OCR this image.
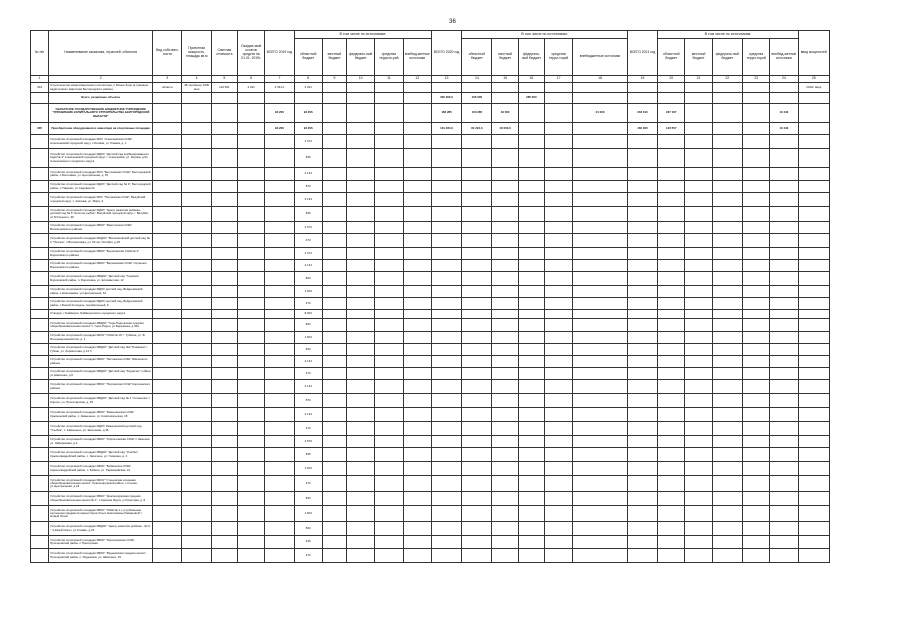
36
№ п/п	Наименование заказчика, отраслей, объектов	Вид собствен-ности	Проектная мощность, площадь кв.м	Сметная стоимость	Ожидае-мый остаток средств на 01.01. 2019г.	ВСЕГО 2019 год	В том числе по источникам:					ВСЕГО 2020 год	В том числе по источникам:					ВСЕГО 2021 год	В том числе по источникам:					ввод мощностей
							областной бюджет	местный бюджет	федераль-ный бюджет	средства террито-рий	внебюд-жетные источники		областной бюджет	местный бюджет	федераль-ный бюджет	средства терри-торий	внебюджетные источники		областной бюджет	местный бюджет	федераль-ный бюджет	средства терри-торий	внебюд-жетные источники	
1	2	3	4	5	6	7	8	9	10	11	12	13	14	15	16	17	18	19	20	21	22	23	24	25
334	Строительство канализационного коллектора, п.Ясные Зори (в границах кадастрового квартала) Белгородского района	областн	48 чел/смену 1630 кв.м	122 601	4 331	4 331,0	4 331																	2019г. ввод
	Всего, резервные объекты											300 000,0	195 000		285 000									
	ОБЛАСТНОЕ ГОСУДАРСТВЕННОЕ БЮДЖЕТНОЕ УЧРЕЖДЕНИЕ "УПРАВЛЕНИЕ КАПИТАЛЬНОГО СТРОИТЕЛЬСТВА БЕЛГОРОДСКОЙ ОБЛАСТИ"					93 206	93 206					166 285	103 285	43 000			21 000	203 610	237 167				13 443	
335	Приобретение оборудования и инвентаря на спортивные площадки					93 206	93 206					131 224,0	81 224,0	40 000,0				160 000	146 557				13 443	
	Устройство спортивной площадки МОУ "Алексеевская СОШ", Алексеевский городской округ, с.Иловка, ул. Раевка, д. 1						2 673																	
	Устройство спортивной площадки МДОУ "Детский сад комбинированного вида № 3" Алексеевский городской округ, г. Алексеевка, ул. Кирова, д.61 Алексеевского городского округа						836																	
	Устройство спортивной площадки МОУ "Бехтеевская СОШ", Белгородский район, с.Бехтеевка, ул. Центральная, д. 15						4 134																	
	Устройство спортивной площадки МДОУ "Детский сад № 9", Белгородский район, п.Таврово, ул.Садовая,24						873																	
	Устройство спортивной площадки МОУ "Песчанская СОШ", Валуйский городской округ, с. Казинка, ул. Мира, 3						4 133																	
	Устройство спортивной площадки МДОУ "Центр развития ребёнка - детский сад № 9 "Золотая рыбка", Валуйский городской округ, г. Валуйки, ул.М.Горького, 39						836																	
	Устройство спортивной площадки МБОУ "Ракитянская СОШ" Волоконовского района						2 673																	
	Устройство спортивной площадки МАДОУ "Волоконовский детский сад № 1 "Пчёлка", п.Волоконовка, ул. 60 лет Октября, д.25						470																	
	Устройство спортивной площадки МБОУ "Борисовская СОШ № 4" Борисовского района						2 673																	
	Устройство спортивной площадки МБОУ "Березовская СОШ" с.Красное Борисовского района						4 134																	
	Устройство спортивной площадки МБДОУ "Детский сад "Теремок", Борисовский район, п. Борисовка, ул. Елизаветова, 12						820																	
	Устройство спортивной площадки МДОУ детский сад, Вейделевский район, с.Николаевка, ул.Центральная, 61						1 603																	
	Устройство спортивной площадки МДОУ детский сад, Вейделевский район, с.Белый Колодезь, пер.Школьный, 6						470																	
	Отводов, г.Грайворон Грайворонского городского округа						8 003																	
	Устройство спортивной площадки МБДОУ "Гора-Подольская средняя общеобразовательная школа" с. Гора-Подол, ул.Березенка, д.45а						833																	
	Устройство спортивной площадки МКОУ "ООШ № 10" г. Губкина, ул. В. Интернационалистов, д. 1						1 603																	
	Устройство спортивной площадки МБДОУ "Детский сад №4 "Ромашка" г. Губкин, ул. Лермонтова, д.12 б						833																	
	Устройство спортивной площадки МБОУ "Песчанская СОШ" Ивнянского района						4 134																	
	Устройство спортивной площадки МБДОУ "Детский сад "Родничок" п.Ивня, ул.Шевченко, д.6						470																	
	Устройство спортивной площадки МБОУ "Погромская СОШ" Корочанского района						4 134																	
	Устройство спортивной площадки МБДОУ "Детский сад № 1 "Солнышко" г. Корочи, ул. Пролетарская, д. 25						870																	
	Устройство спортивной площадки МБОУ "Камышинская СОШ" Красненский район, с. Камышено, ул. Комсомольская, 18						4 134																	
	Устройство спортивной площадки МДОУ Камышенский детский сад "Улыбка", с. Камышено, ул. Школьная, д.18						470																	
	Устройство спортивной площадки МБОУ "Горлогозаская СОШ" с.Ламонки, ул. Набережная, д.2						2 579																	
	Устройство спортивной площадки МБДОУ "Детский сад "Улыбка", Красногвардейский район, с. Засечное, ул. Гагарина, д. 4						835																	
	Устройство спортивной площадки МБОУ "Бойкинская СОШ", Красногвардейский район, п. Бойкин, ул. Первомайская, 21						1 603																	
	Устройство спортивной площадки МКОУ "Стенинская основная общеобразовательная школа", Краснояружский район, с.Стенки, ул.Центральная, д.23						470																	
	Устройство спортивной площадки МБОУ "Краснояружская средняя общеобразовательная школа № 1", п.Красная Яруга, ул.Гризлова, д. 8						833																	
	Устройство спортивной площадки МБОУ "ООШ № 1 с углублённым изучением предметов имени Героя Ольги Николаевны Рамановой" г. Новый Оскол						1 603																	
	Устройство спортивной площадки МБДОУ "Центр развития ребёнка - № 6, " г.Новый Оскол, ул.Атаман, д.23						830																	
	Устройство спортивной площадки МБОУ "Прохоровская СОШ", Прохоровский район, с.Прохоровка						435																	
	Устройство спортивной площадки МБОУ "Радьковская средняя школа", Прохоровский район, с. Радьковка, ул. Шевченко, 15						470																	
